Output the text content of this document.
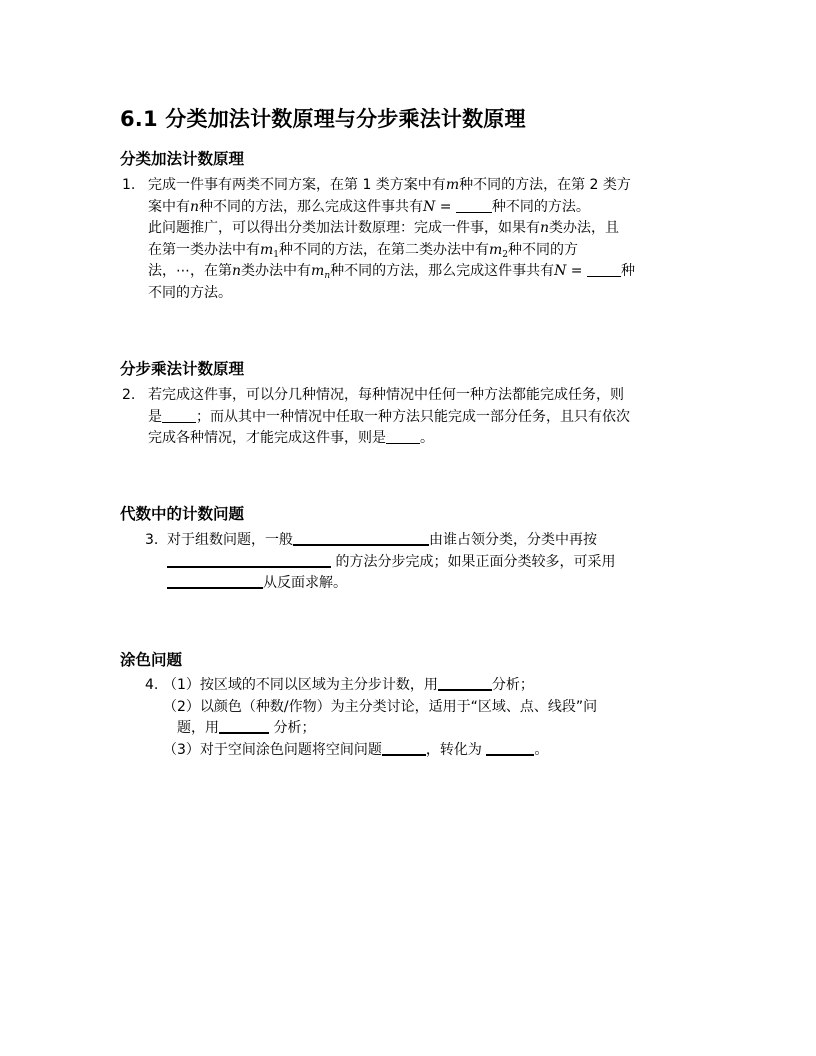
6.1 分类加法计数原理与分步乘法计数原理
分类加法计数原理
1. 完成一件事有两类不同方案，在第 1 类方案中有m种不同的方法，在第 2 类方
案中有n种不同的方法，那么完成这件事共有N =	种不同的方法。
此问题推广，可以得出分类加法计数原理：完成一件事，如果有n类办法，且
在第一类办法中有$m_1$种不同的方法，在第二类办法中有$m_2$种不同的方
法，⋯，在第n类办法中有$m_n$种不同的方法，那么完成这件事共有N = 种
不同的方法。
分步乘法计数原理
2. 若完成这件事，可以分几种情况，每种情况中任何一种方法都能完成任务，则
是 ；而从其中一种情况中任取一种方法只能完成一部分任务，且只有依次
完成各种情况，才能完成这件事，则是 。
代数中的计数问题
3. 对于组数问题，一般	由谁占领分类，分类中再按
的方法分步完成；如果正面分类较多，可采用
从反面求解。
涂色问题
4. （1）按区域的不同以区域为主分步计数，用	分析；
（2）以颜色（种数/作物）为主分类讨论，适用于“区域、点、线段”问
题，用	分析；
（3）对于空间涂色问题将空间问题	，转化为	。
